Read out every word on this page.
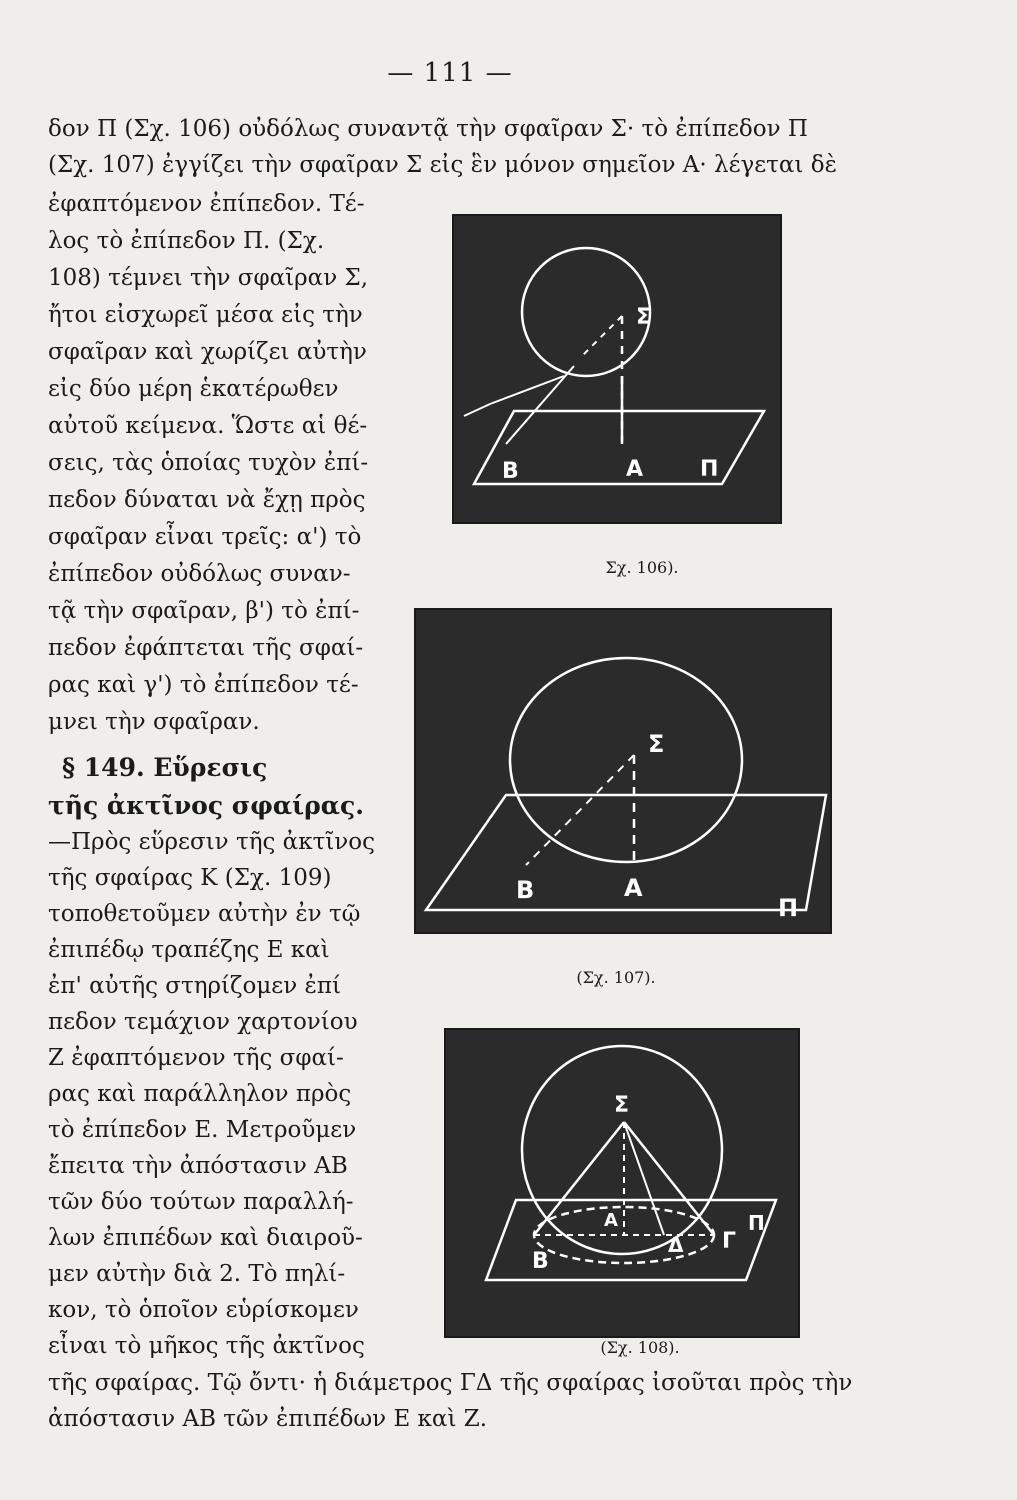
— 111 —
δον Π (Σχ. 106) οὐδόλως συναντᾷ τὴν σφαῖραν Σ· τὸ ἐπίπεδον Π
(Σχ. 107) ἐγγίζει τὴν σφαῖραν Σ εἰς ἓν μόνον σημεῖον Α· λέγεται δὲ
ἐφαπτόμενον ἐπίπεδον. Τέ-
λος τὸ ἐπίπεδον Π. (Σχ.
108) τέμνει τὴν σφαῖραν Σ,
ἤτοι εἰσχωρεῖ μέσα εἰς τὴν
σφαῖραν καὶ χωρίζει αὐτὴν
εἰς δύο μέρη ἑκατέρωθεν
αὐτοῦ κείμενα. Ὥστε αἱ θέ-
σεις, τὰς ὁποίας τυχὸν ἐπί-
πεδον δύναται νὰ ἔχῃ πρὸς
σφαῖραν εἶναι τρεῖς: α') τὸ
ἐπίπεδον οὐδόλως συναν-
τᾷ τὴν σφαῖραν, β') τὸ ἐπί-
πεδον ἐφάπτεται τῆς σφαί-
ρας καὶ γ') τὸ ἐπίπεδον τέ-
μνει τὴν σφαῖραν.
§ 149. Εὕρεσις
τῆς ἀκτῖνος σφαίρας.
—Πρὸς εὕρεσιν τῆς ἀκτῖνος
τῆς σφαίρας Κ (Σχ. 109)
τοποθετοῦμεν αὐτὴν ἐν τῷ
ἐπιπέδῳ τραπέζης Ε καὶ
ἐπ' αὐτῆς στηρίζομεν ἐπί
πεδον τεμάχιον χαρτονίου
Ζ ἐφαπτόμενον τῆς σφαί-
ρας καὶ παράλληλον πρὸς
τὸ ἐπίπεδον Ε. Μετροῦμεν
ἔπειτα τὴν ἀπόστασιν ΑΒ
τῶν δύο τούτων παραλλή-
λων ἐπιπέδων καὶ διαιροῦ-
μεν αὐτὴν διὰ 2. Τὸ πηλί-
κον, τὸ ὁποῖον εὑρίσκομεν
εἶναι τὸ μῆκος τῆς ἀκτῖνος
τῆς σφαίρας. Τῷ ὄντι· ἡ διάμετρος ΓΔ τῆς σφαίρας ἰσοῦται πρὸς τὴν
ἀπόστασιν ΑΒ τῶν ἐπιπέδων Ε καὶ Ζ.
Σ
Α
Β	Π
Σχ. 106).
Σ
Α
Β
Π
(Σχ. 107).
Σ
Α
Β
Γ
Δ
Π
(Σχ. 108).
